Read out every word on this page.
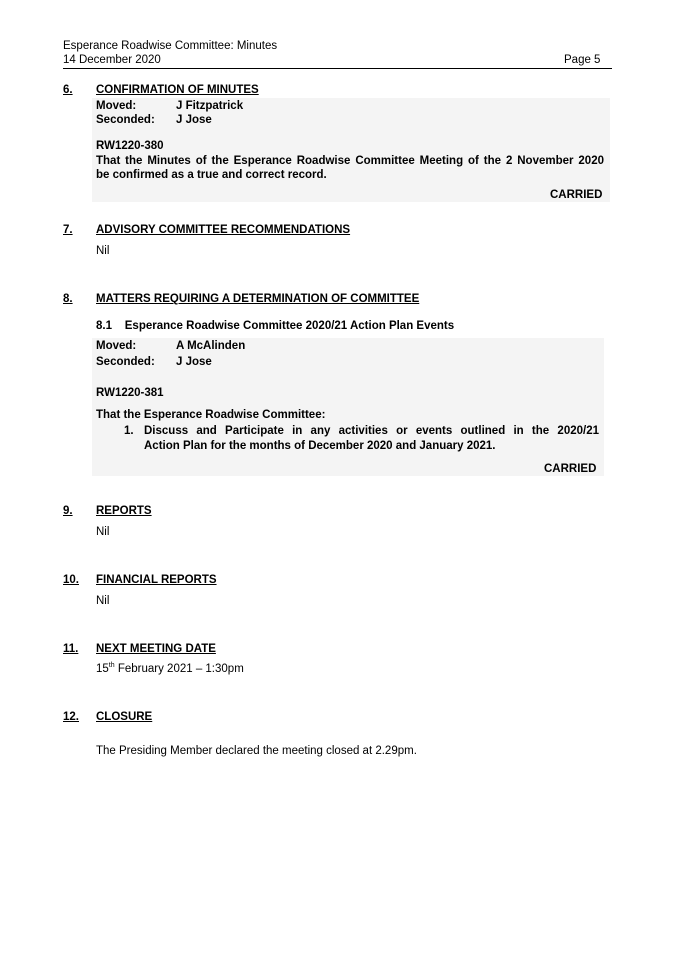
Esperance Roadwise Committee: Minutes
14 December 2020	Page 5
6. CONFIRMATION OF MINUTES
Moved:	J Fitzpatrick
Seconded: J Jose
RW1220-380
That the Minutes of the Esperance Roadwise Committee Meeting of the 2 November 2020
be confirmed as a true and correct record.
CARRIED
7. ADVISORY COMMITTEE RECOMMENDATIONS
Nil
8. MATTERS REQUIRING A DETERMINATION OF COMMITTEE
8.1    Esperance Roadwise Committee 2020/21 Action Plan Events
Moved:	A McAlinden
Seconded: J Jose
RW1220-381
That the Esperance Roadwise Committee:
1. Discuss and Participate in any activities or events outlined in the 2020/21
Action Plan for the months of December 2020 and January 2021.
CARRIED
9. REPORTS
Nil
10. FINANCIAL REPORTS
Nil
11. NEXT MEETING DATE
15th February 2021 – 1:30pm
12. CLOSURE
The Presiding Member declared the meeting closed at 2.29pm.
